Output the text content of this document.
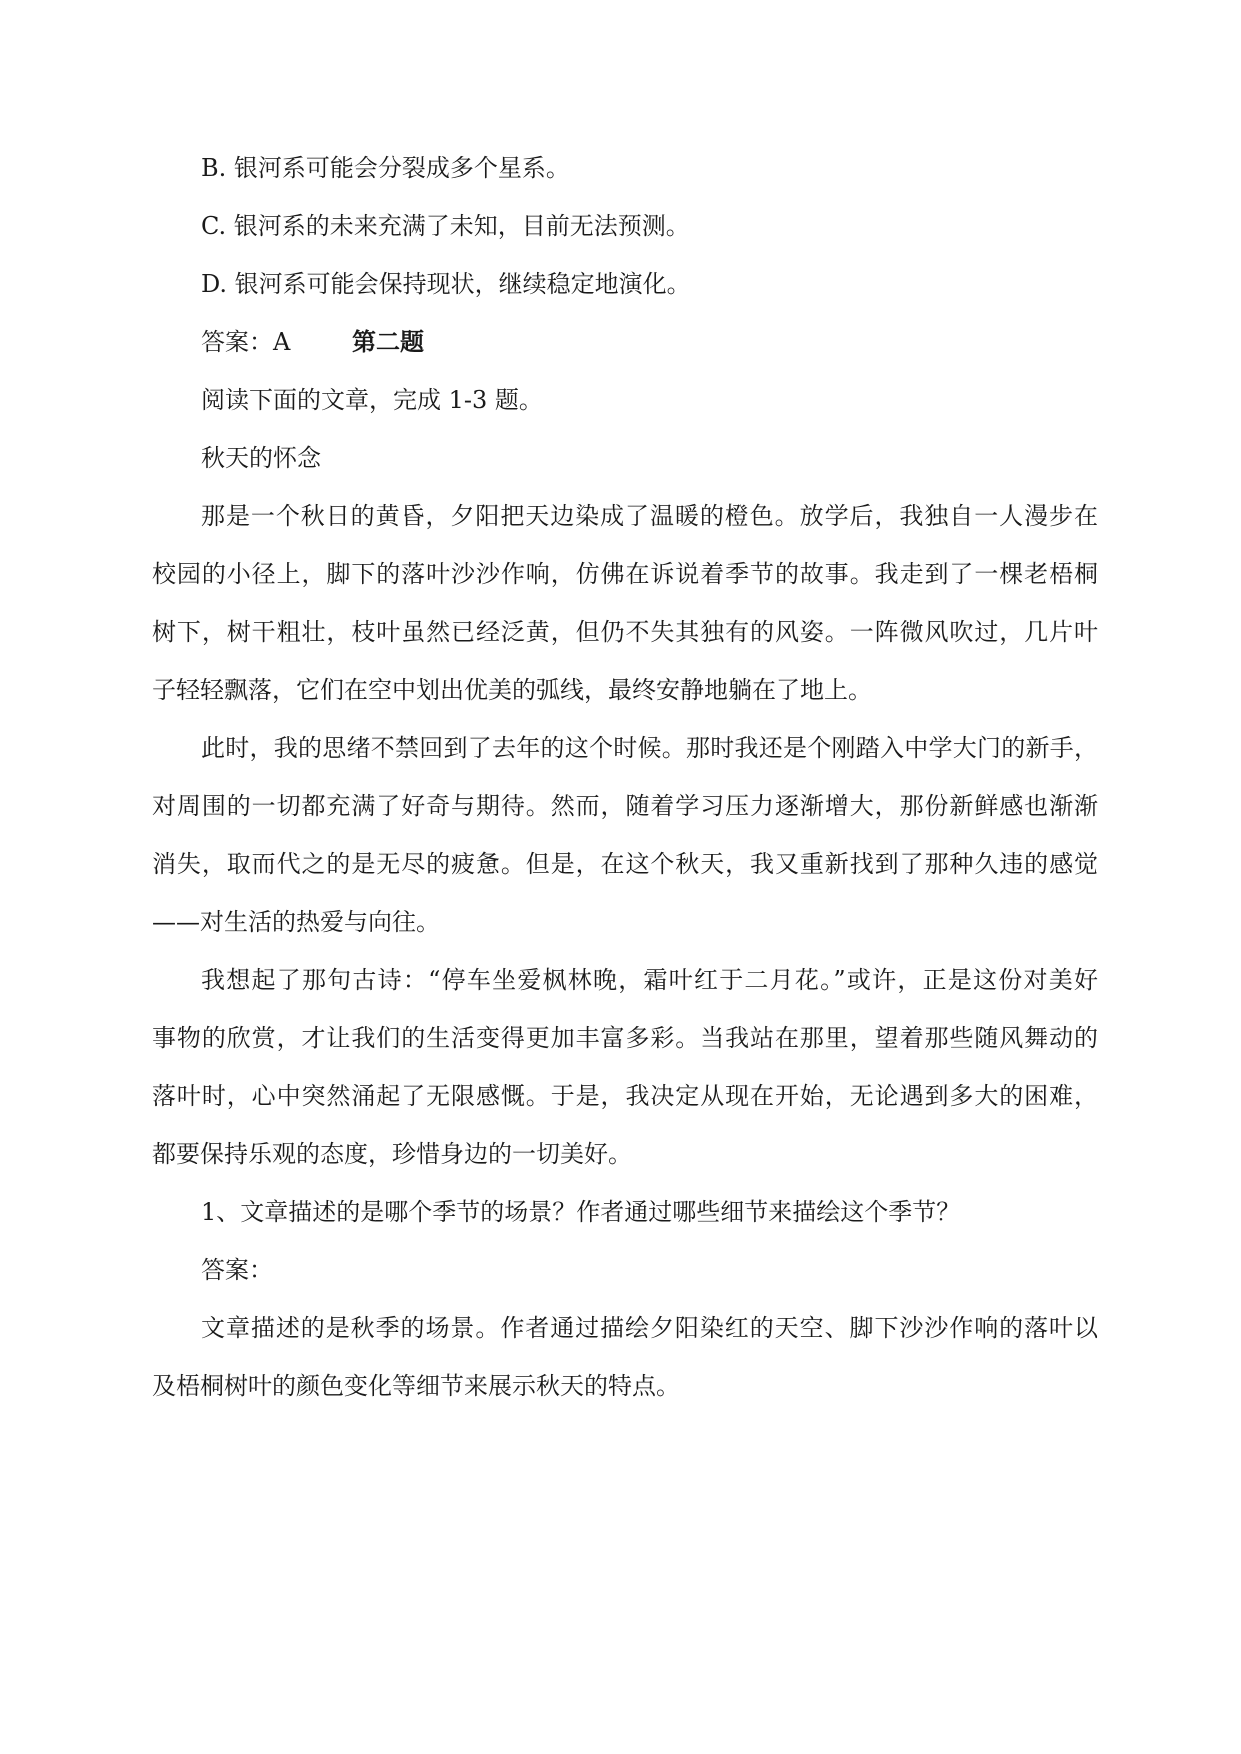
B. 银河系可能会分裂成多个星系。
C. 银河系的未来充满了未知，目前无法预测。
D. 银河系可能会保持现状，继续稳定地演化。
答案：A	第二题
阅读下面的文章，完成 1-3 题。
秋天的怀念
那是一个秋日的黄昏，夕阳把天边染成了温暖的橙色。放学后，我独自一人漫步在
校园的小径上，脚下的落叶沙沙作响，仿佛在诉说着季节的故事。我走到了一棵老梧桐
树下，树干粗壮，枝叶虽然已经泛黄，但仍不失其独有的风姿。一阵微风吹过，几片叶
子轻轻飘落，它们在空中划出优美的弧线，最终安静地躺在了地上。
此时，我的思绪不禁回到了去年的这个时候。那时我还是个刚踏入中学大门的新手，
对周围的一切都充满了好奇与期待。然而，随着学习压力逐渐增大，那份新鲜感也渐渐
消失，取而代之的是无尽的疲惫。但是，在这个秋天，我又重新找到了那种久违的感觉
——对生活的热爱与向往。
我想起了那句古诗：“停车坐爱枫林晚，霜叶红于二月花。”或许，正是这份对美好
事物的欣赏，才让我们的生活变得更加丰富多彩。当我站在那里，望着那些随风舞动的
落叶时，心中突然涌起了无限感慨。于是，我决定从现在开始，无论遇到多大的困难，
都要保持乐观的态度，珍惜身边的一切美好。
1、文章描述的是哪个季节的场景？作者通过哪些细节来描绘这个季节？
答案：
文章描述的是秋季的场景。作者通过描绘夕阳染红的天空、脚下沙沙作响的落叶以
及梧桐树叶的颜色变化等细节来展示秋天的特点。
